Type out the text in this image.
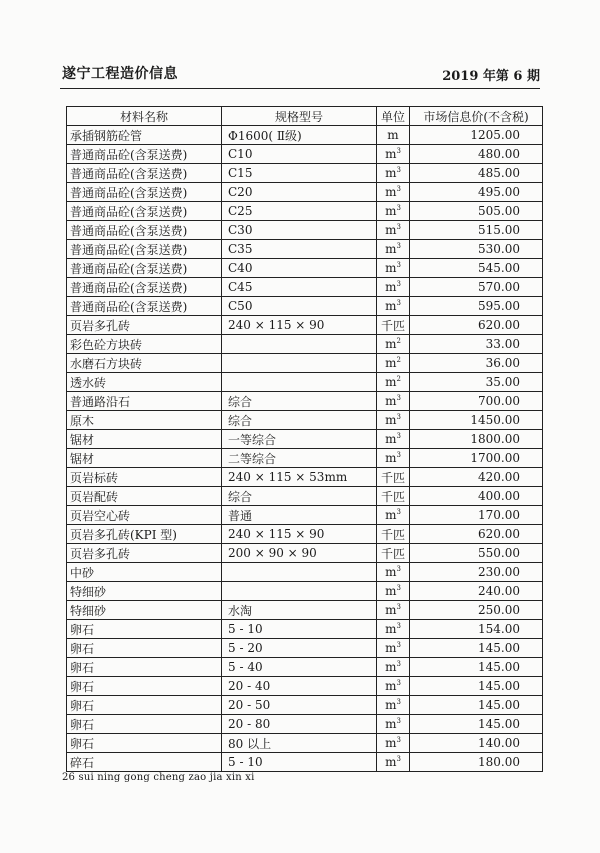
遂宁工程造价信息	2019 年第 6 期
材料名称	规格型号	单位	市场信息价(不含税)
承插钢筋砼管	Φ1600( Ⅱ级)	m	1205.00
普通商品砼(含泵送费)	C10	$m^3$	480.00
普通商品砼(含泵送费)	C15	$m^3$	485.00
普通商品砼(含泵送费)	C20	$m^3$	495.00
普通商品砼(含泵送费)	C25	$m^3$	505.00
普通商品砼(含泵送费)	C30	$m^3$	515.00
普通商品砼(含泵送费)	C35	$m^3$	530.00
普通商品砼(含泵送费)	C40	$m^3$	545.00
普通商品砼(含泵送费)	C45	$m^3$	570.00
普通商品砼(含泵送费)	C50	$m^3$	595.00
页岩多孔砖	240 × 115 × 90	千匹	620.00
彩色砼方块砖		$m^2$	33.00
水磨石方块砖		$m^2$	36.00
透水砖		$m^2$	35.00
普通路沿石	综合	$m^3$	700.00
原木	综合	$m^3$	1450.00
锯材	一等综合	$m^3$	1800.00
锯材	二等综合	$m^3$	1700.00
页岩标砖	240 × 115 × 53mm	千匹	420.00
页岩配砖	综合	千匹	400.00
页岩空心砖	普通	$m^3$	170.00
页岩多孔砖(KPI 型)	240 × 115 × 90	千匹	620.00
页岩多孔砖	200 × 90 × 90	千匹	550.00
中砂		$m^3$	230.00
特细砂		$m^3$	240.00
特细砂	水淘	$m^3$	250.00
卵石	5 - 10	$m^3$	154.00
卵石	5 - 20	$m^3$	145.00
卵石	5 - 40	$m^3$	145.00
卵石	20 - 40	$m^3$	145.00
卵石	20 - 50	$m^3$	145.00
卵石	20 - 80	$m^3$	145.00
卵石	80 以上	$m^3$	140.00
碎石	5 - 10	$m^3$	180.00
26 sui ning gong cheng zao jia xin xi
